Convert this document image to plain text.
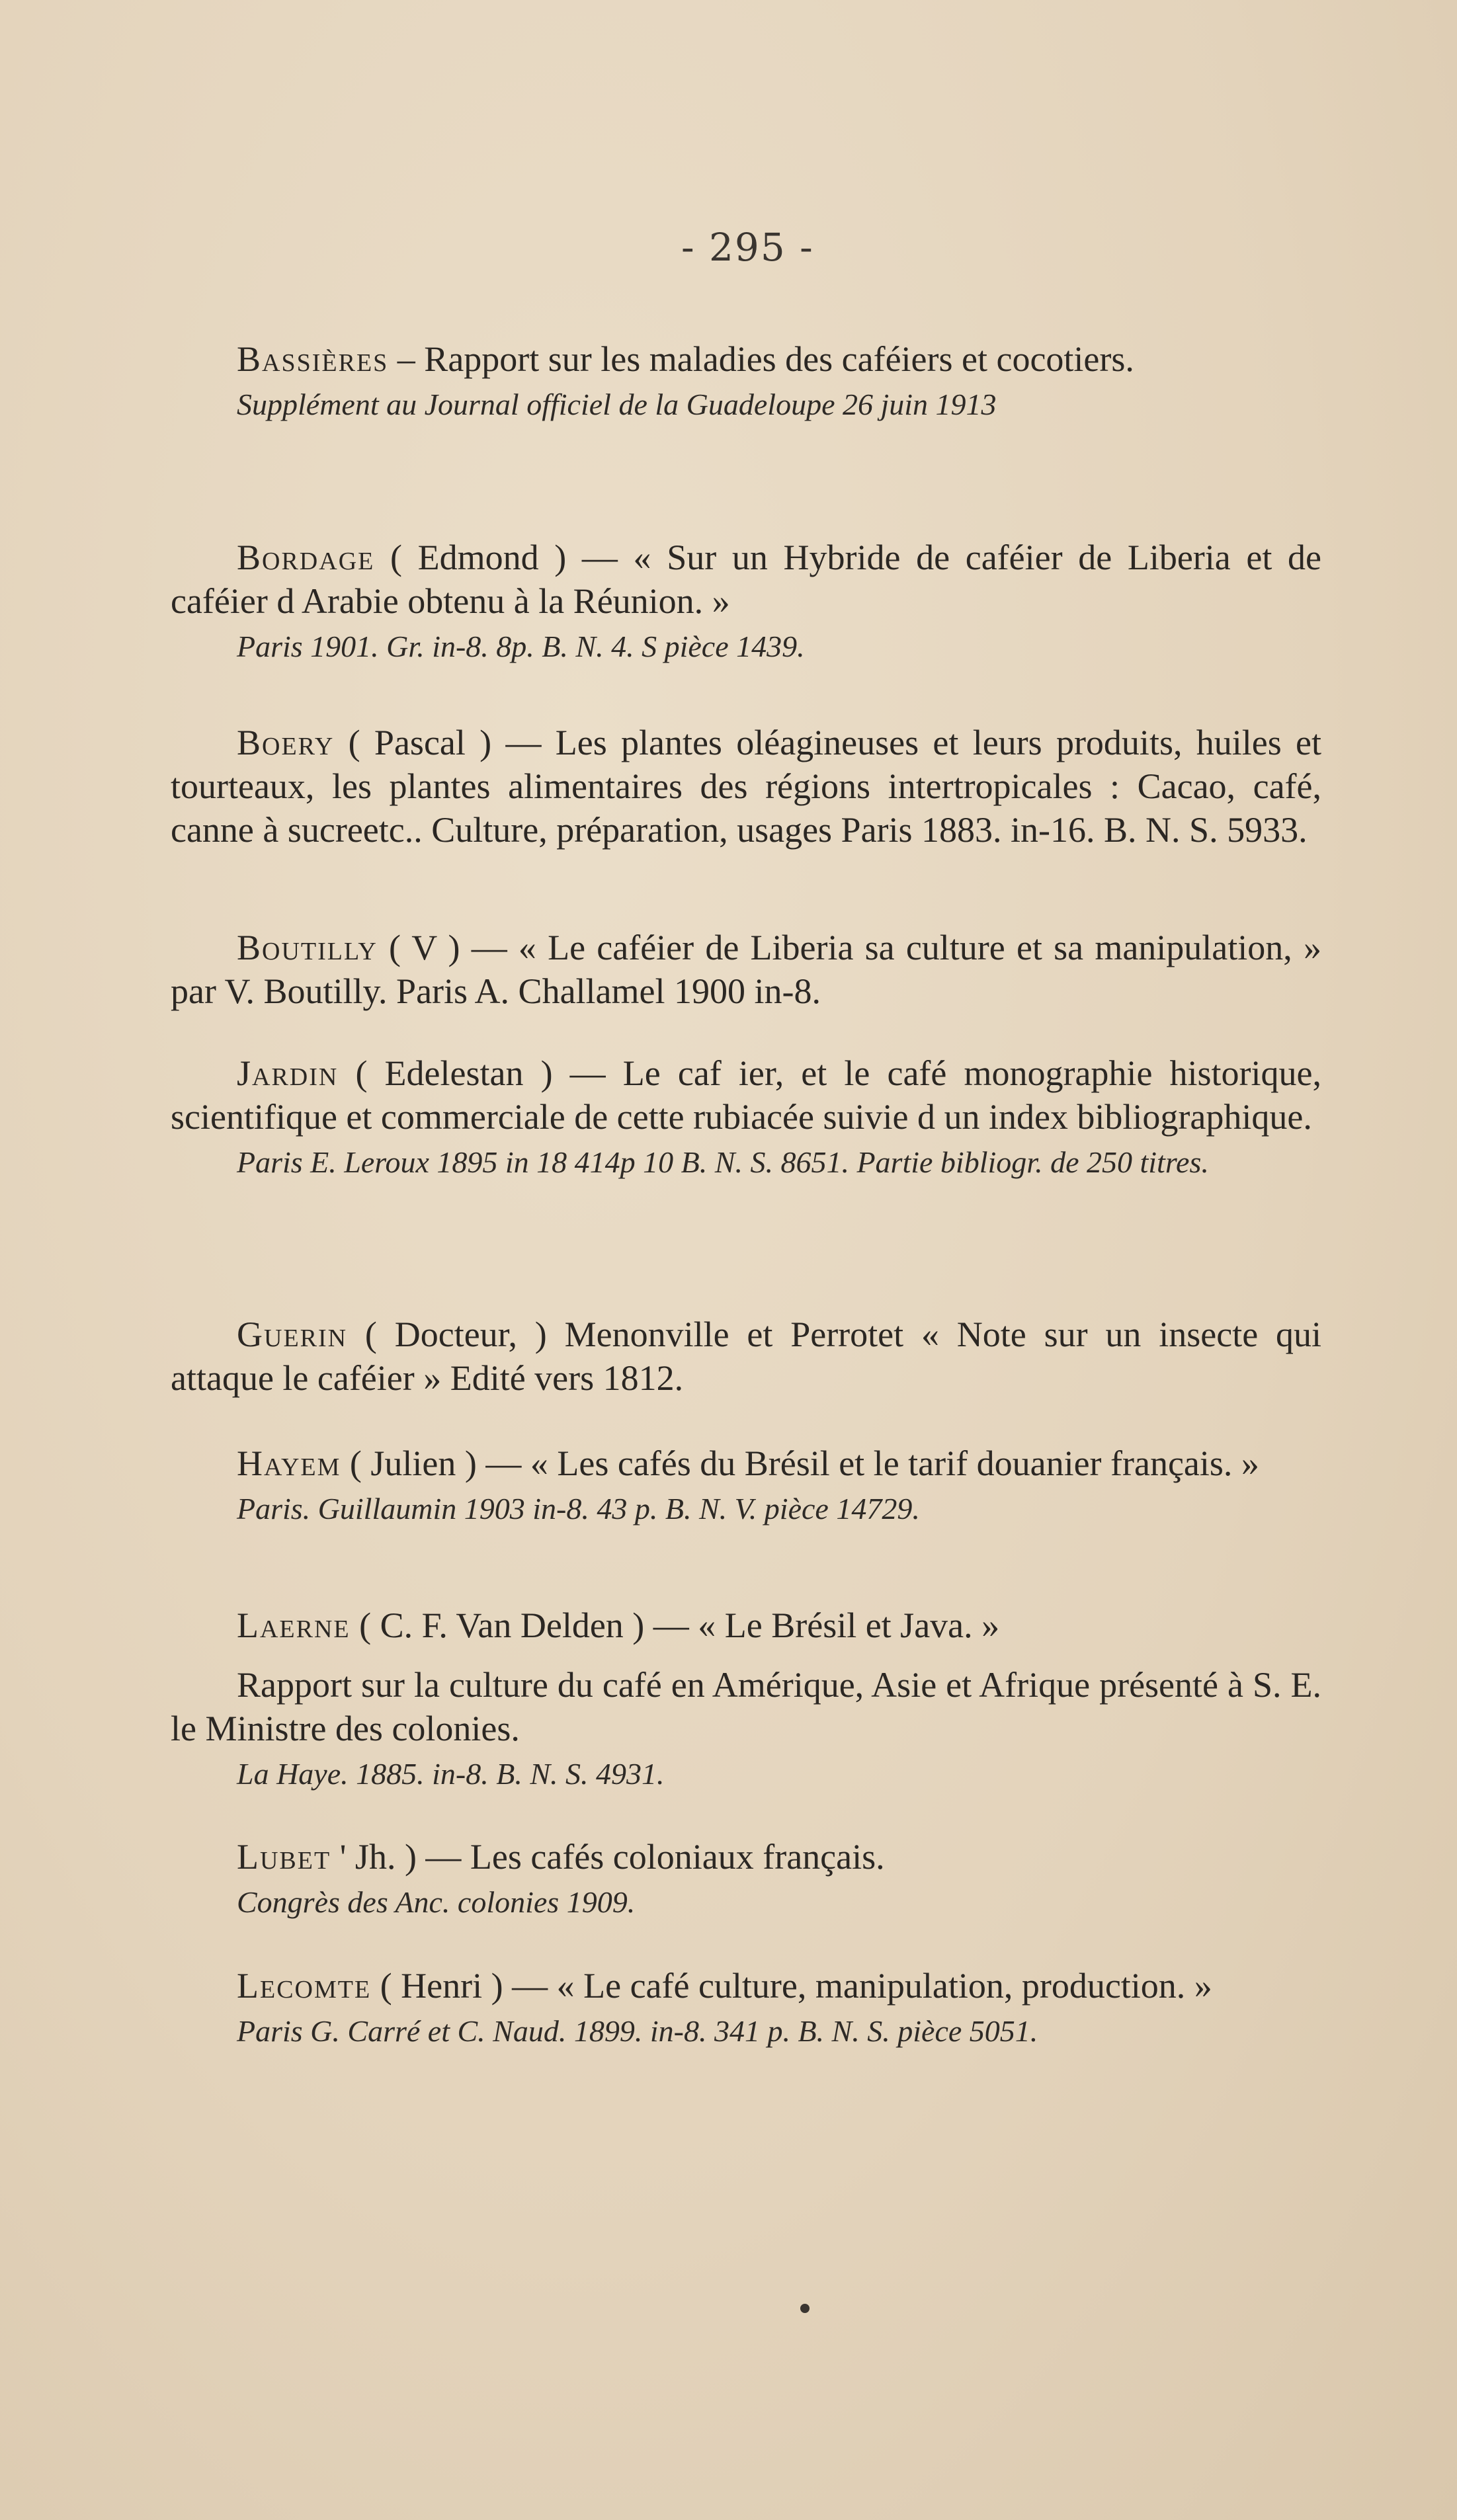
- 295 -

Bassières – Rapport sur les maladies des caféiers et cocotiers.

Supplément au Journal officiel de la Guadeloupe 26 juin 1913

Bordage ( Edmond ) — « Sur un Hybride de caféier de Liberia et de caféier d Arabie obtenu à la Réunion. »

Paris 1901. Gr. in-8. 8p. B. N. 4. S pièce 1439.

Boery ( Pascal ) — Les plantes oléagineuses et leurs produits, huiles et tourteaux, les plantes alimentaires des régions intertropicales : Cacao, café, canne à sucreetc.. Culture, préparation, usages Paris 1883. in-16. B. N. S. 5933.

Boutilly ( V ) — « Le caféier de Liberia sa culture et sa manipulation, » par V. Boutilly. Paris A. Challamel 1900 in-8.

Jardin ( Edelestan ) — Le caf ier, et le café monographie historique, scientifique et commerciale de cette rubiacée suivie d un index bibliographique.

Paris E. Leroux 1895 in 18 414p 10 B. N. S. 8651. Partie bibliogr. de 250 titres.

Guerin ( Docteur, ) Menonville et Perrotet « Note sur un insecte qui attaque le caféier » Edité vers 1812.

Hayem ( Julien ) — « Les cafés du Brésil et le tarif douanier français. »

Paris. Guillaumin 1903 in-8. 43 p. B. N. V. pièce 14729.

Laerne ( C. F. Van Delden ) — « Le Brésil et Java. »

Rapport sur la culture du café en Amérique, Asie et Afrique présenté à S. E. le Ministre des colonies.

La Haye. 1885. in-8. B. N. S. 4931.

Lubet ' Jh. ) — Les cafés coloniaux français.

Congrès des Anc. colonies 1909.

Lecomte ( Henri ) — « Le café culture, manipulation, production. »

Paris G. Carré et C. Naud. 1899. in-8. 341 p. B. N. S. pièce 5051.
